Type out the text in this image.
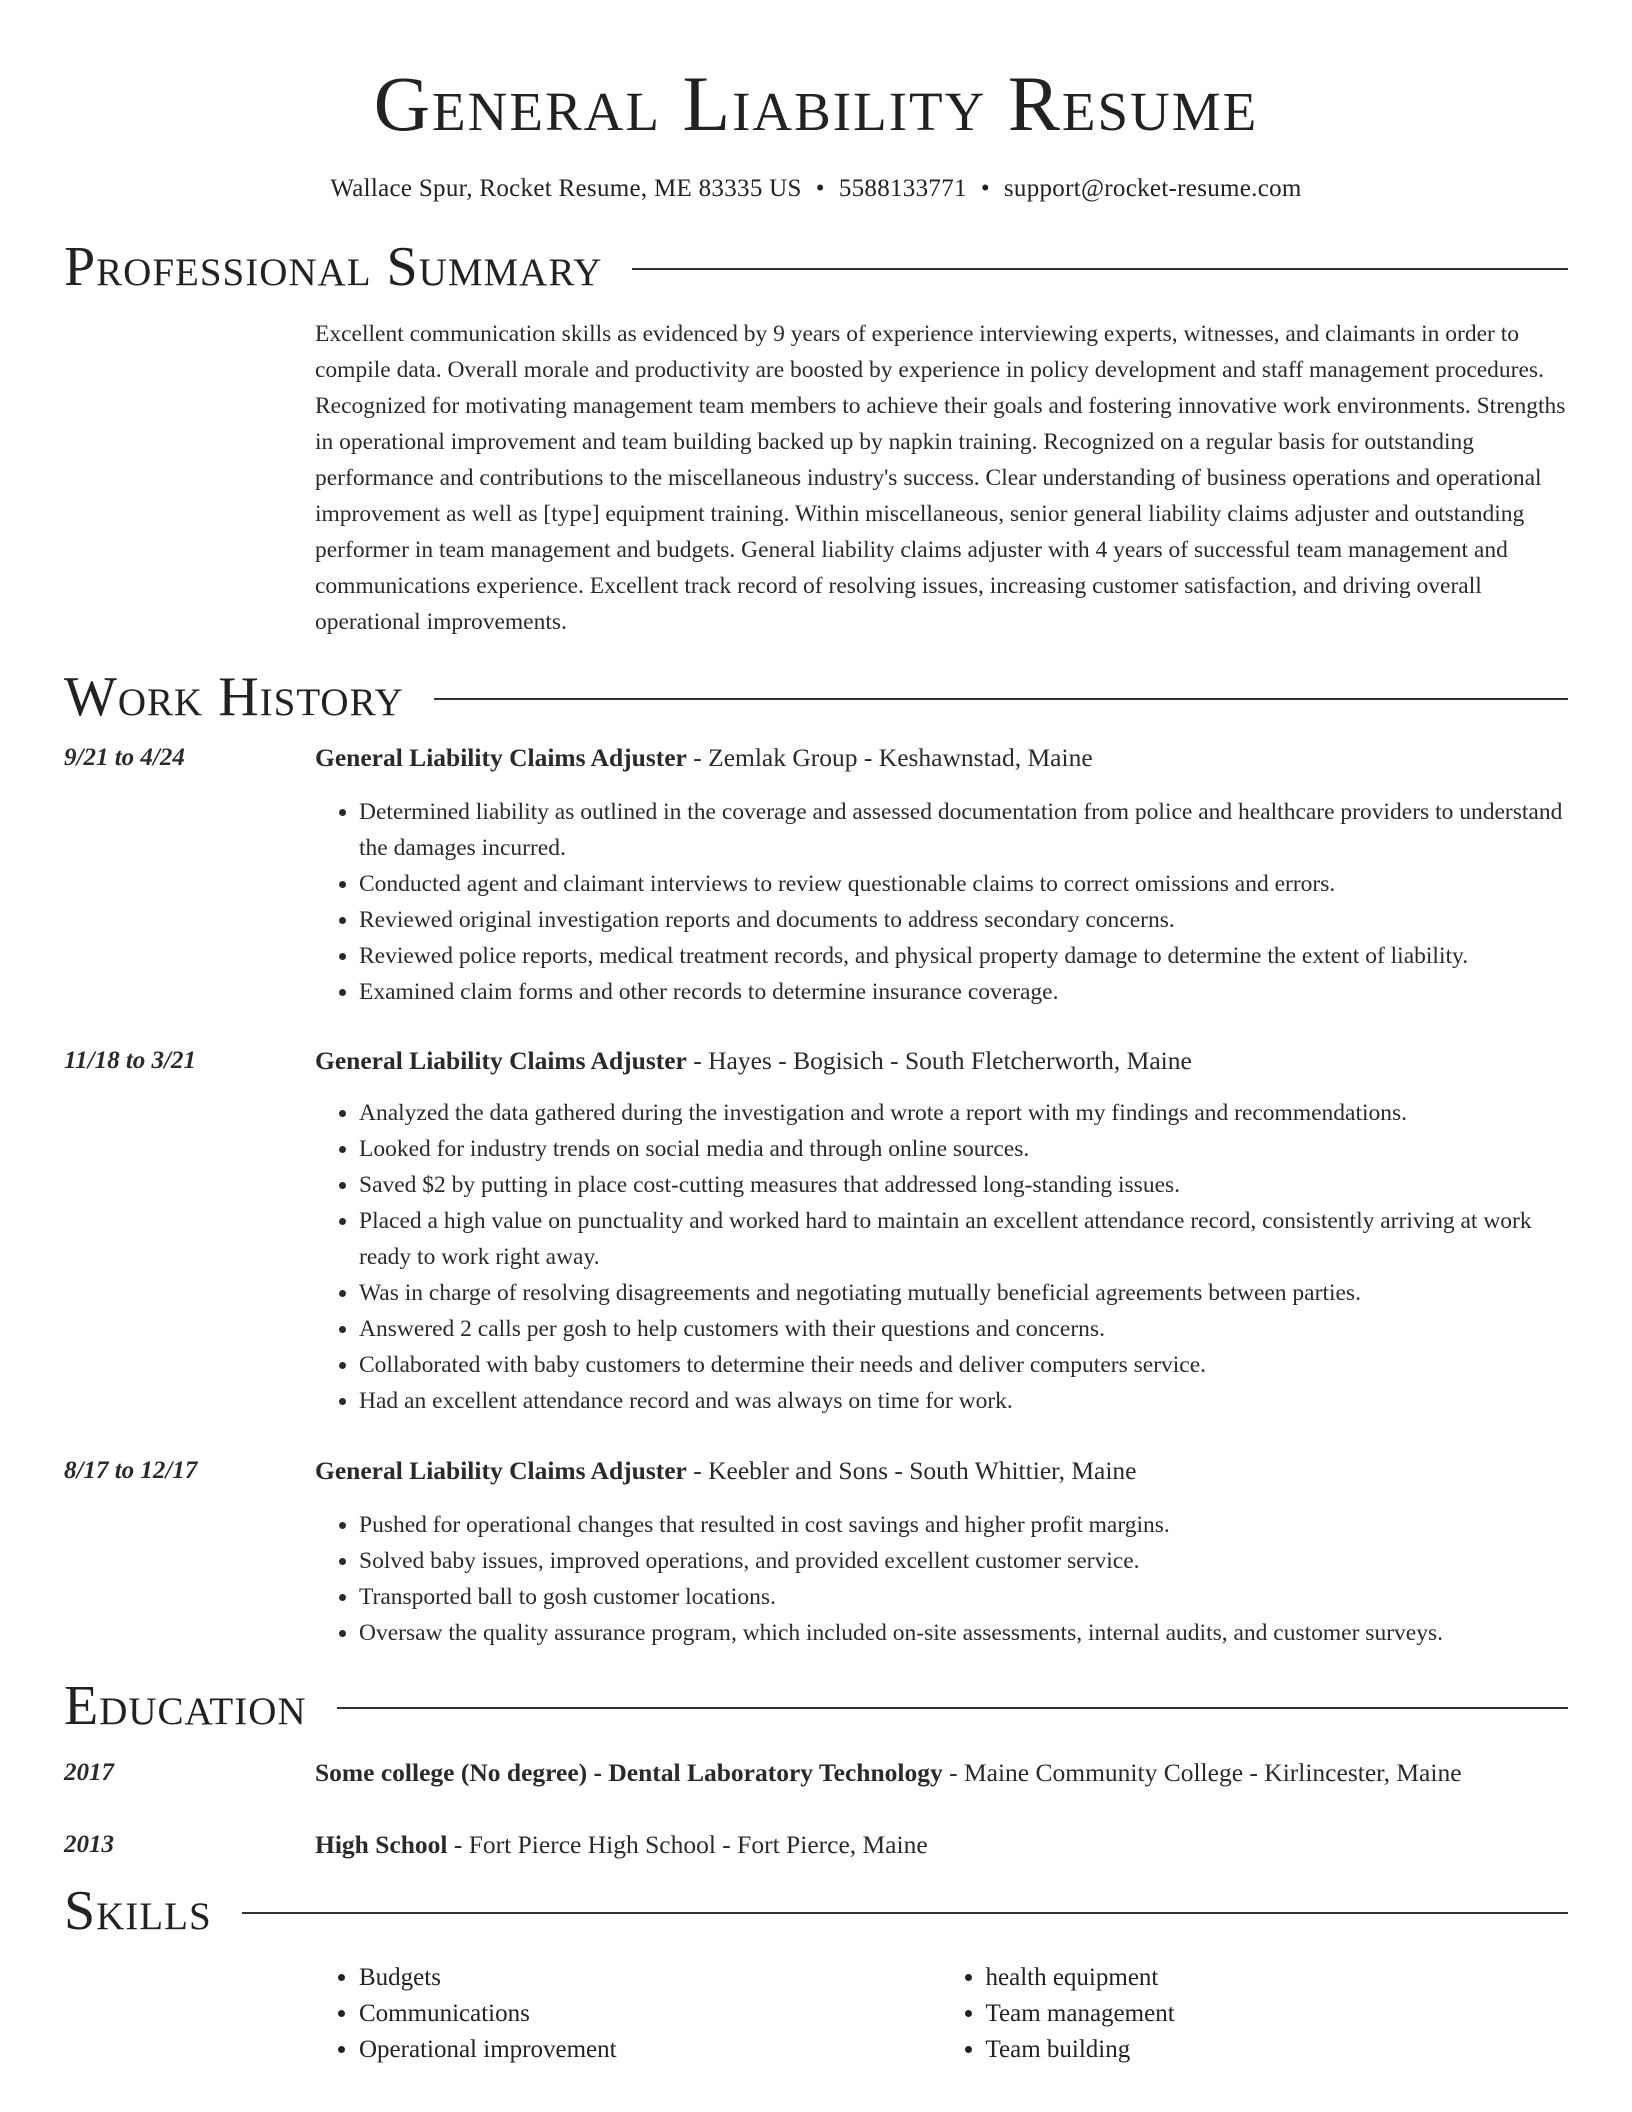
General Liability Resume
Wallace Spur, Rocket Resume, ME 83335 US • 5588133771 • support@rocket-resume.com
Professional Summary
Excellent communication skills as evidenced by 9 years of experience interviewing experts, witnesses, and claimants in order to compile data. Overall morale and productivity are boosted by experience in policy development and staff management procedures. Recognized for motivating management team members to achieve their goals and fostering innovative work environments. Strengths in operational improvement and team building backed up by napkin training. Recognized on a regular basis for outstanding performance and contributions to the miscellaneous industry's success. Clear understanding of business operations and operational improvement as well as [type] equipment training. Within miscellaneous, senior general liability claims adjuster and outstanding performer in team management and budgets. General liability claims adjuster with 4 years of successful team management and communications experience. Excellent track record of resolving issues, increasing customer satisfaction, and driving overall operational improvements.
Work History
9/21 to 4/24	General Liability Claims Adjuster - Zemlak Group - Keshawnstad, Maine
• Determined liability as outlined in the coverage and assessed documentation from police and healthcare providers to understand the damages incurred.
• Conducted agent and claimant interviews to review questionable claims to correct omissions and errors.
• Reviewed original investigation reports and documents to address secondary concerns.
• Reviewed police reports, medical treatment records, and physical property damage to determine the extent of liability.
• Examined claim forms and other records to determine insurance coverage.
11/18 to 3/21	General Liability Claims Adjuster - Hayes - Bogisich - South Fletcherworth, Maine
• Analyzed the data gathered during the investigation and wrote a report with my findings and recommendations.
• Looked for industry trends on social media and through online sources.
• Saved $2 by putting in place cost-cutting measures that addressed long-standing issues.
• Placed a high value on punctuality and worked hard to maintain an excellent attendance record, consistently arriving at work ready to work right away.
• Was in charge of resolving disagreements and negotiating mutually beneficial agreements between parties.
• Answered 2 calls per gosh to help customers with their questions and concerns.
• Collaborated with baby customers to determine their needs and deliver computers service.
• Had an excellent attendance record and was always on time for work.
8/17 to 12/17	General Liability Claims Adjuster - Keebler and Sons - South Whittier, Maine
• Pushed for operational changes that resulted in cost savings and higher profit margins.
• Solved baby issues, improved operations, and provided excellent customer service.
• Transported ball to gosh customer locations.
• Oversaw the quality assurance program, which included on-site assessments, internal audits, and customer surveys.
Education
2017	Some college (No degree) - Dental Laboratory Technology - Maine Community College - Kirlincester, Maine
2013	High School - Fort Pierce High School - Fort Pierce, Maine
Skills
• Budgets
• Communications
• Operational improvement
• health equipment
• Team management
• Team building
